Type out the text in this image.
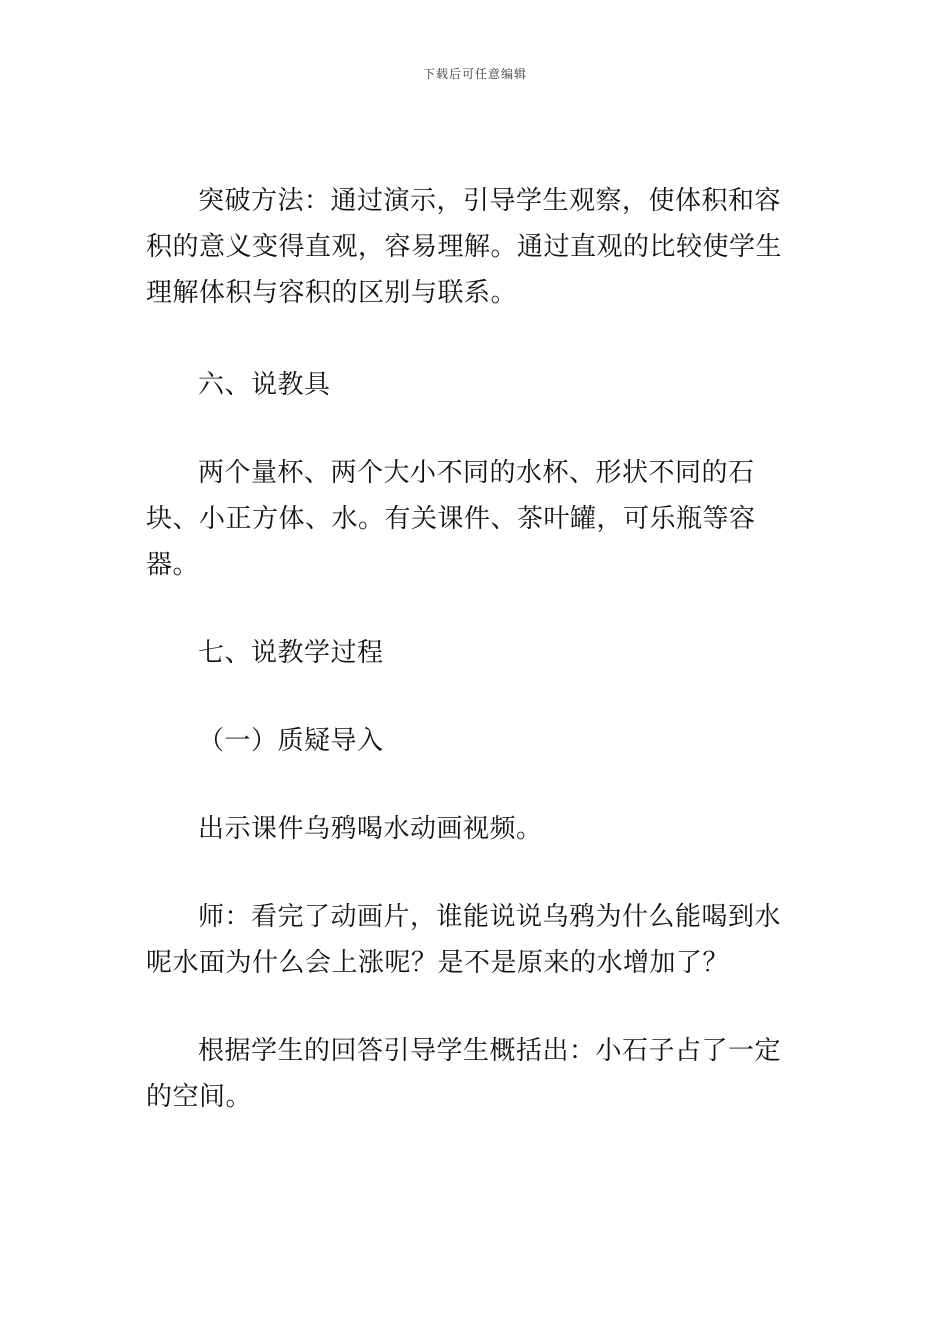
下载后可任意编辑

突破方法：通过演示，引导学生观察，使体积和容积的意义变得直观，容易理解。通过直观的比较使学生理解体积与容积的区别与联系。

六、说教具

两个量杯、两个大小不同的水杯、形状不同的石块、小正方体、水。有关课件、茶叶罐，可乐瓶等容器。

七、说教学过程

（一）质疑导入

出示课件乌鸦喝水动画视频。

师：看完了动画片，谁能说说乌鸦为什么能喝到水呢水面为什么会上涨呢？是不是原来的水增加了？

根据学生的回答引导学生概括出：小石子占了一定的空间。
